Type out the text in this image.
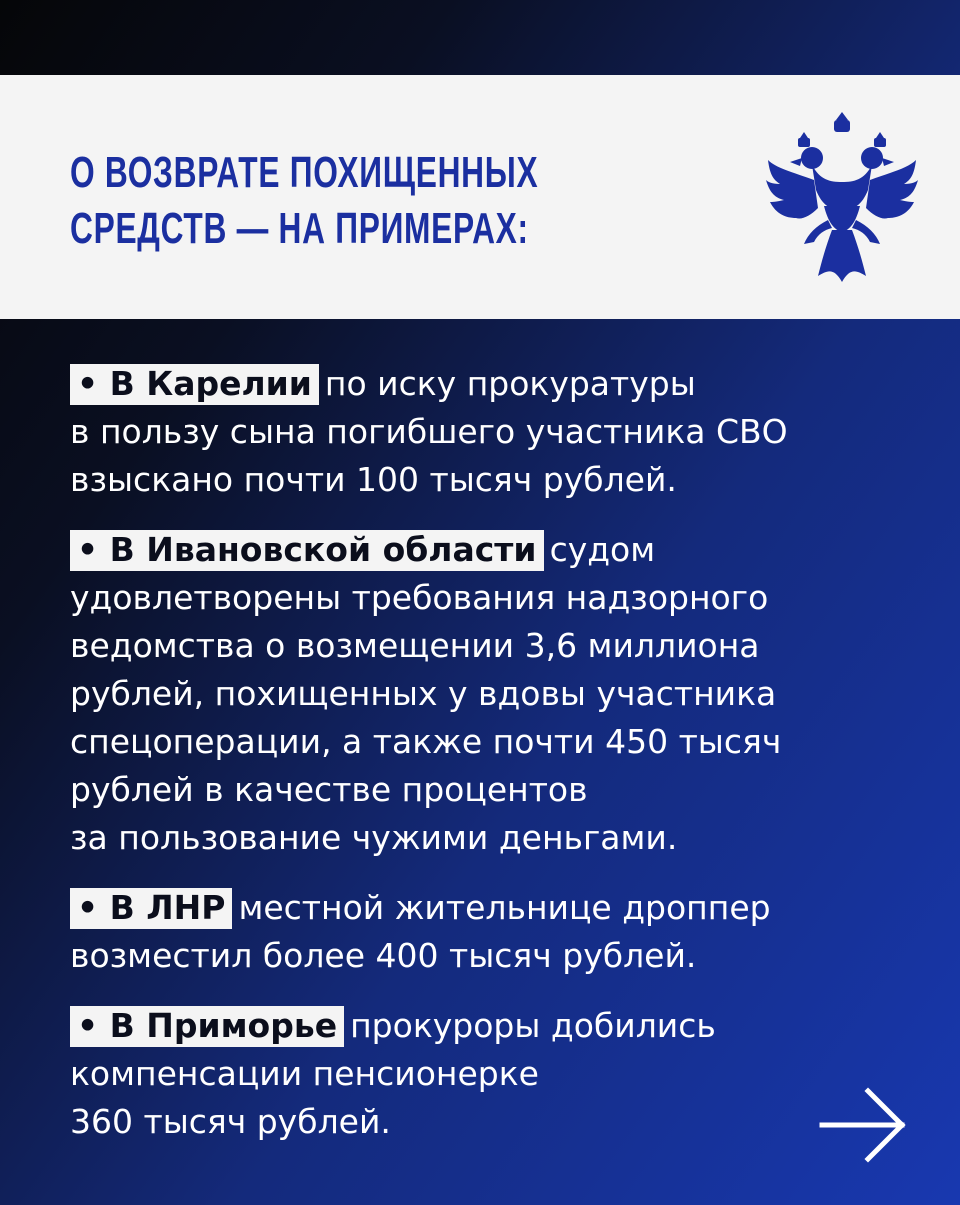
О ВОЗВРАТЕ ПОХИЩЕННЫХ
СРЕДСТВ — НА ПРИМЕРАХ:
• В Карелии по иску прокуратуры
в пользу сына погибшего участника СВО
взыскано почти 100 тысяч рублей.
• В Ивановской области судом
удовлетворены требования надзорного
ведомства о возмещении 3,6 миллиона
рублей, похищенных у вдовы участника
спецоперации, а также почти 450 тысяч
рублей в качестве процентов
за пользование чужими деньгами.
• В ЛНР местной жительнице дроппер
возместил более 400 тысяч рублей.
• В Приморье прокуроры добились
компенсации пенсионерке
360 тысяч рублей.
